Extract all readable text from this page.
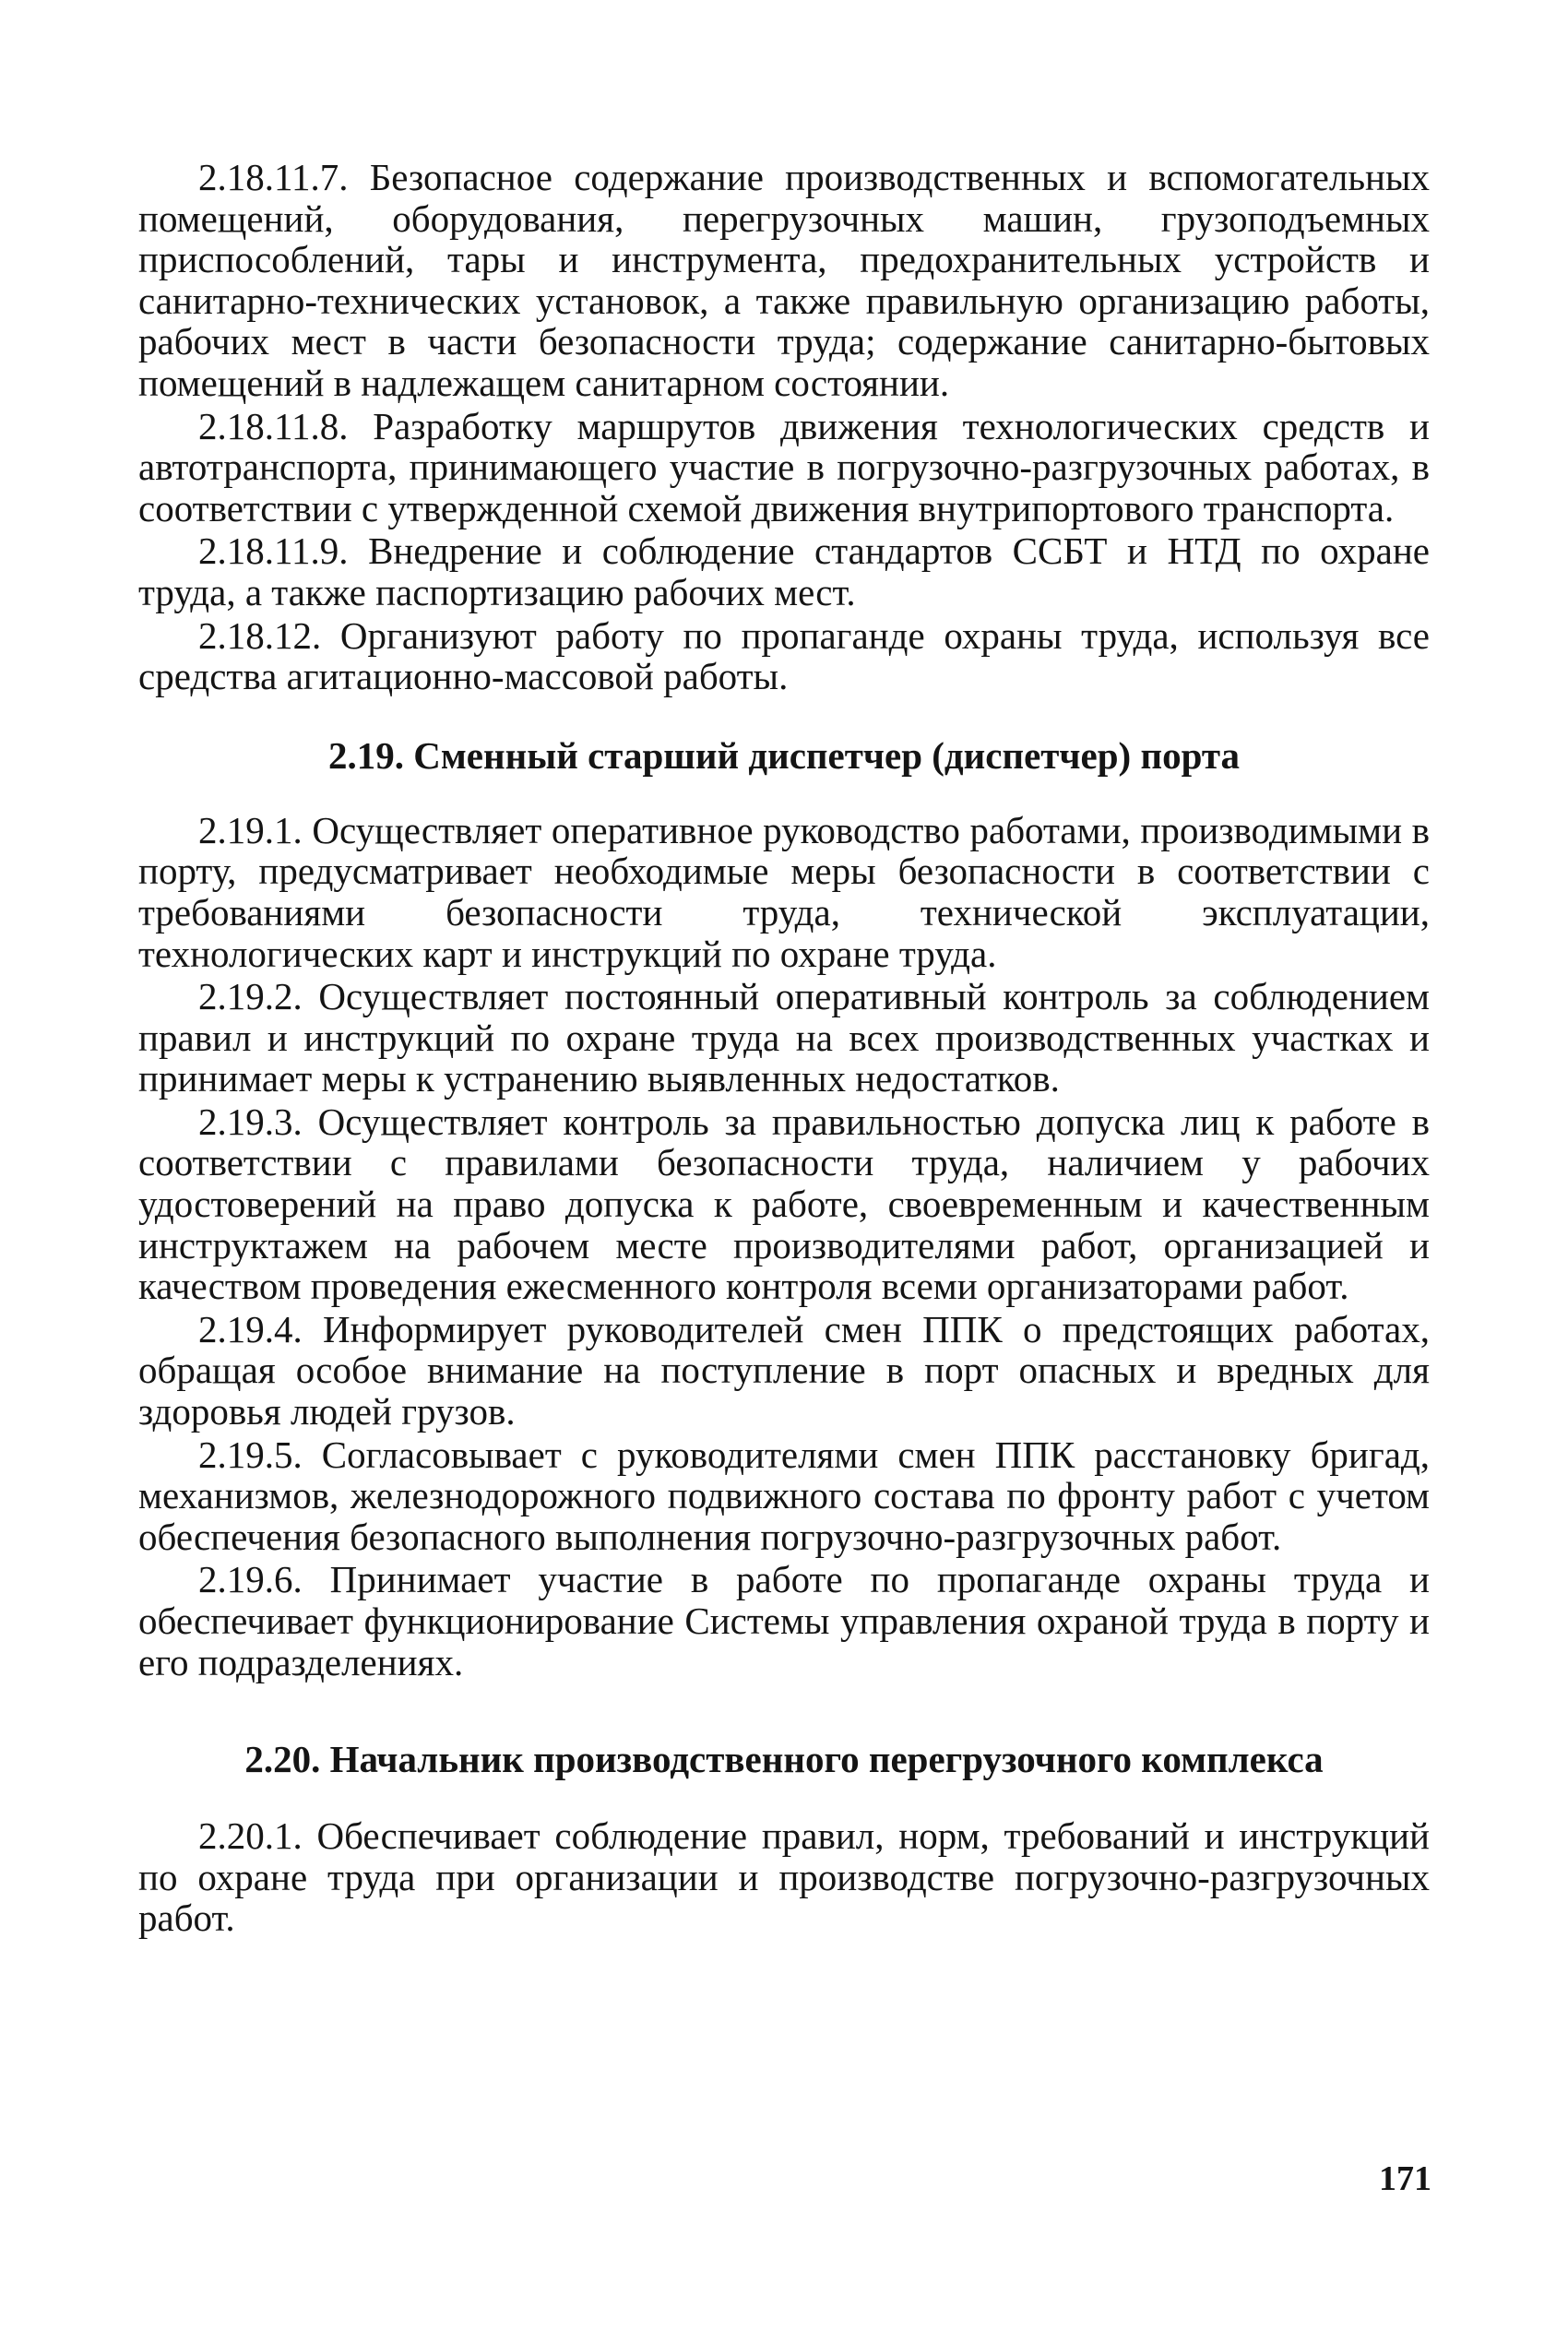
2.18.11.7. Безопасное содержание производственных и вспомогательных помещений, оборудования, перегрузочных машин, грузоподъемных приспособлений, тары и инструмента, предохранительных устройств и санитарно-технических установок, а также правильную организацию работы, рабочих мест в части безопасности труда; содержание санитарно-бытовых помещений в надлежащем санитарном состоянии.

2.18.11.8. Разработку маршрутов движения технологических средств и автотранспорта, принимающего участие в погрузочно-разгрузочных работах, в соответствии с утвержденной схемой движения внутрипортового транспорта.

2.18.11.9. Внедрение и соблюдение стандартов ССБТ и НТД по охране труда, а также паспортизацию рабочих мест.

2.18.12. Организуют работу по пропаганде охраны труда, используя все средства агитационно-массовой работы.

2.19. Сменный старший диспетчер (диспетчер) порта

2.19.1. Осуществляет оперативное руководство работами, производимыми в порту, предусматривает необходимые меры безопасности в соответствии с требованиями безопасности труда, технической эксплуатации, технологических карт и инструкций по охране труда.

2.19.2. Осуществляет постоянный оперативный контроль за соблюдением правил и инструкций по охране труда на всех производственных участках и принимает меры к устранению выявленных недостатков.

2.19.3. Осуществляет контроль за правильностью допуска лиц к работе в соответствии с правилами безопасности труда, наличием у рабочих удостоверений на право допуска к работе, своевременным и качественным инструктажем на рабочем месте производителями работ, организацией и качеством проведения ежесменного контроля всеми организаторами работ.

2.19.4. Информирует руководителей смен ППК о предстоящих работах, обращая особое внимание на поступление в порт опасных и вредных для здоровья людей грузов.

2.19.5. Согласовывает с руководителями смен ППК расстановку бригад, механизмов, железнодорожного подвижного состава по фронту работ с учетом обеспечения безопасного выполнения погрузочно-разгрузочных работ.

2.19.6. Принимает участие в работе по пропаганде охраны труда и обеспечивает функционирование Системы управления охраной труда в порту и его подразделениях.

2.20. Начальник производственного перегрузочного комплекса

2.20.1. Обеспечивает соблюдение правил, норм, требований и инструкций по охране труда при организации и производстве погрузочно-разгрузочных работ.

171
